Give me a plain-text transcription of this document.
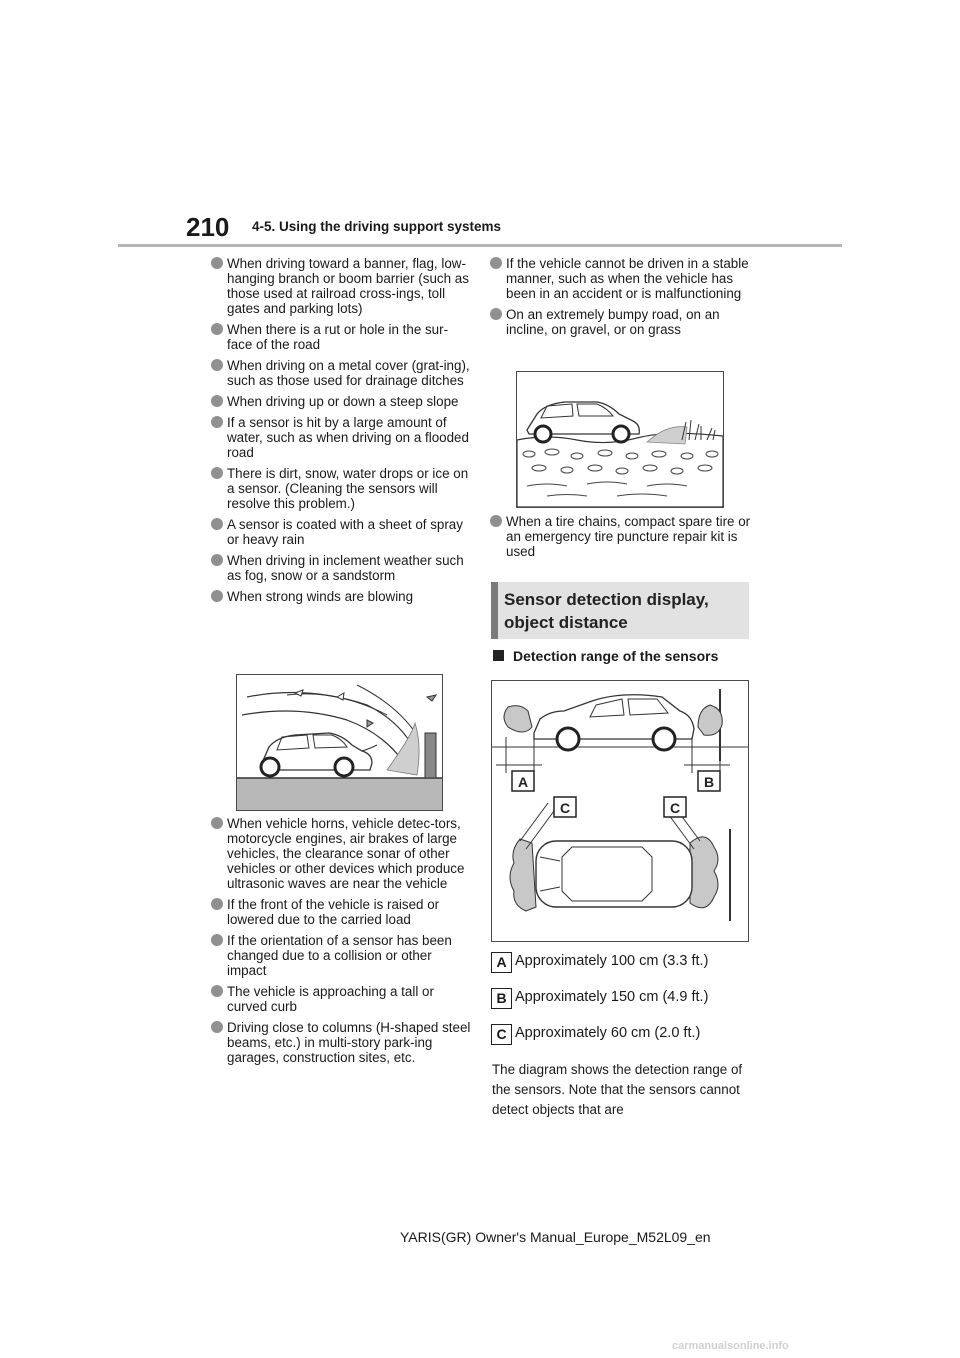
210 4-5. Using the driving support systems

When driving toward a banner, flag, low-hanging branch or boom barrier (such as those used at railroad cross-ings, toll gates and parking lots)
When there is a rut or hole in the sur-face of the road
When driving on a metal cover (grat-ing), such as those used for drainage ditches
When driving up or down a steep slope
If a sensor is hit by a large amount of water, such as when driving on a flooded road
There is dirt, snow, water drops or ice on a sensor. (Cleaning the sensors will resolve this problem.)
A sensor is coated with a sheet of spray or heavy rain
When driving in inclement weather such as fog, snow or a sandstorm
When strong winds are blowing
When vehicle horns, vehicle detec-tors, motorcycle engines, air brakes of large vehicles, the clearance sonar of other vehicles or other devices which produce ultrasonic waves are near the vehicle
If the front of the vehicle is raised or lowered due to the carried load
If the orientation of a sensor has been changed due to a collision or other impact
The vehicle is approaching a tall or curved curb
Driving close to columns (H-shaped steel beams, etc.) in multi-story park-ing garages, construction sites, etc.
If the vehicle cannot be driven in a stable manner, such as when the vehicle has been in an accident or is malfunctioning
On an extremely bumpy road, on an incline, on gravel, or on grass
When a tire chains, compact spare tire or an emergency tire puncture repair kit is used

Sensor detection display,
object distance

Detection range of the sensors

A	B
C	C
A Approximately 100 cm (3.3 ft.)
B Approximately 150 cm (4.9 ft.)
C Approximately 60 cm (2.0 ft.)

The diagram shows the detection range of the sensors. Note that the sensors cannot detect objects that are

YARIS(GR) Owner's Manual_Europe_M52L09_en

carmanualsonline.info
